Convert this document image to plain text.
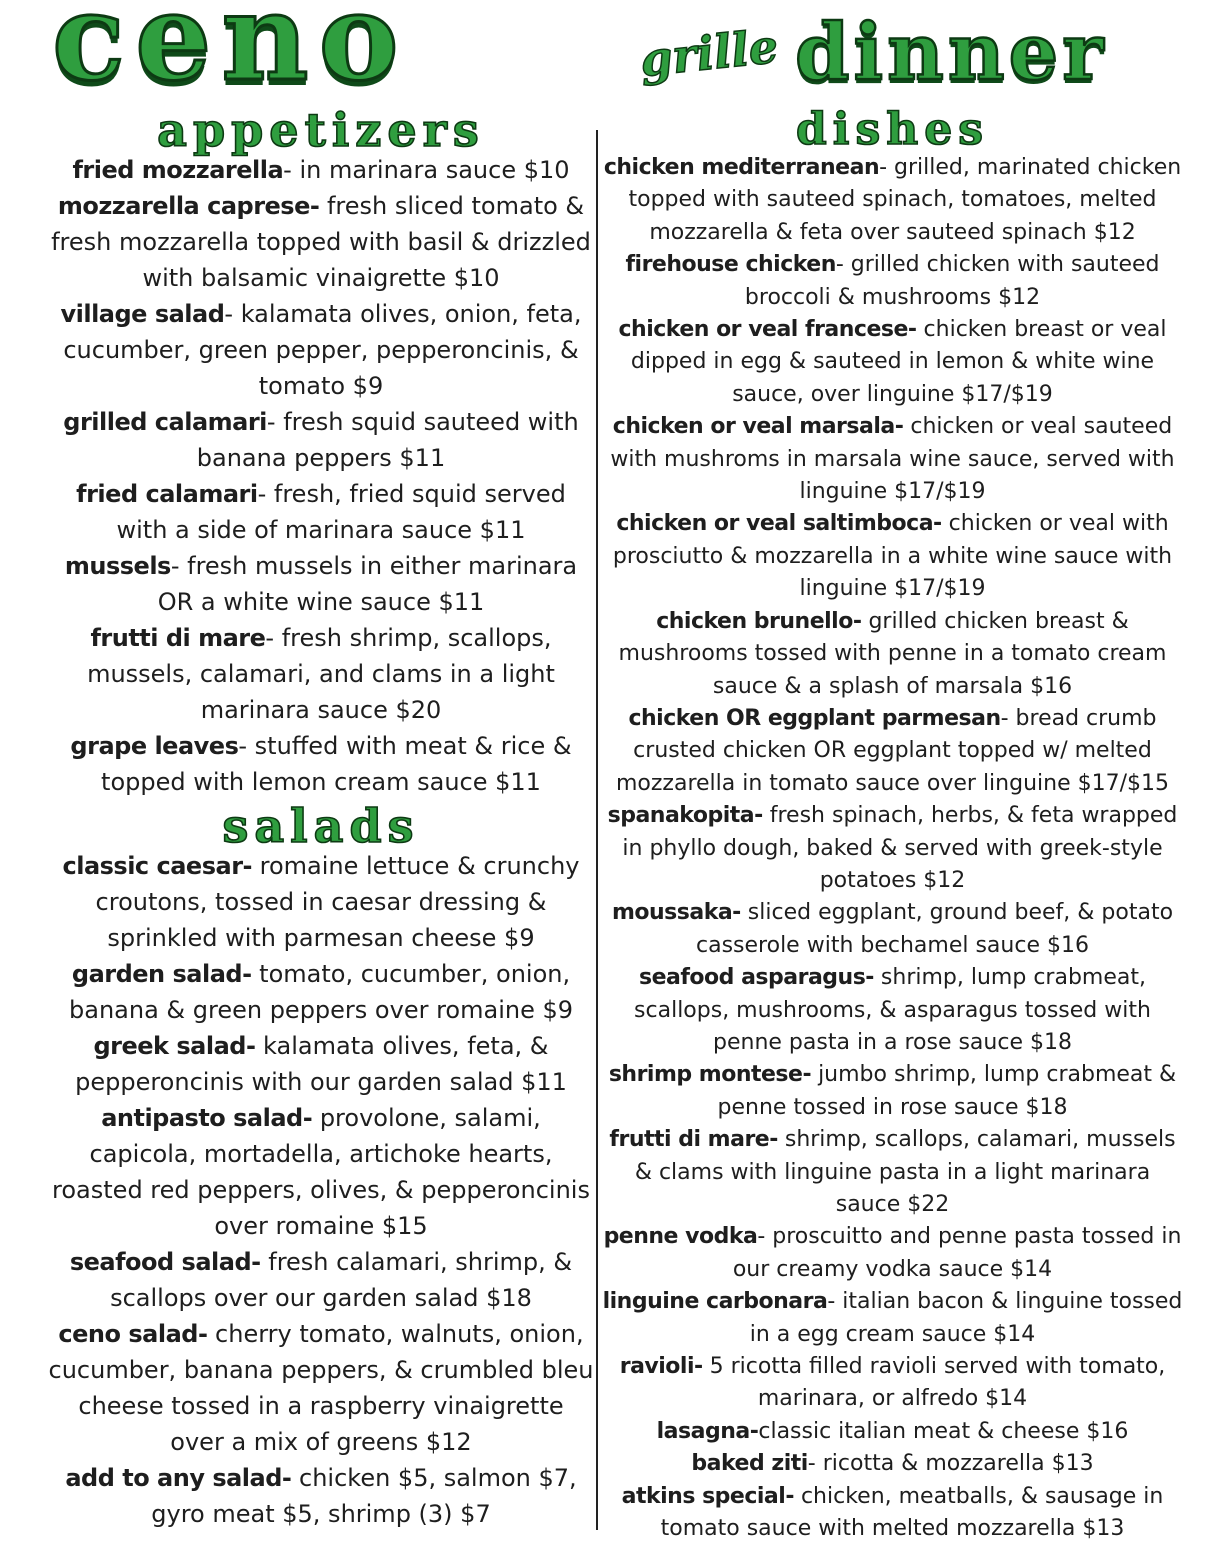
ceno	grille dinner
appetizers

fried mozzarella- in marinara sauce $10

mozzarella caprese- fresh sliced tomato & fresh mozzarella topped with basil & drizzled with balsamic vinaigrette $10

village salad- kalamata olives, onion, feta, cucumber, green pepper, pepperoncinis, & tomato $9

grilled calamari- fresh squid sauteed with banana peppers $11

fried calamari- fresh, fried squid served with a side of marinara sauce $11

mussels- fresh mussels in either marinara OR a white wine sauce $11

frutti di mare- fresh shrimp, scallops, mussels, calamari, and clams in a light marinara sauce $20

grape leaves- stuffed with meat & rice & topped with lemon cream sauce $11

salads

classic caesar- romaine lettuce & crunchy croutons, tossed in caesar dressing & sprinkled with parmesan cheese $9

garden salad- tomato, cucumber, onion, banana & green peppers over romaine $9

greek salad- kalamata olives, feta, & pepperoncinis with our garden salad $11

antipasto salad- provolone, salami, capicola, mortadella, artichoke hearts, roasted red peppers, olives, & pepperoncinis over romaine $15

seafood salad- fresh calamari, shrimp, & scallops over our garden salad $18

ceno salad- cherry tomato, walnuts, onion, cucumber, banana peppers, & crumbled bleu cheese tossed in a raspberry vinaigrette over a mix of greens $12

add to any salad- chicken $5, salmon $7, gyro meat $5, shrimp (3) $7

dishes

chicken mediterranean- grilled, marinated chicken topped with sauteed spinach, tomatoes, melted mozzarella & feta over sauteed spinach $12

firehouse chicken- grilled chicken with sauteed broccoli & mushrooms $12

chicken or veal francese- chicken breast or veal dipped in egg & sauteed in lemon & white wine sauce, over linguine $17/$19

chicken or veal marsala- chicken or veal sauteed with mushroms in marsala wine sauce, served with linguine $17/$19

chicken or veal saltimboca- chicken or veal with prosciutto & mozzarella in a white wine sauce with linguine $17/$19

chicken brunello- grilled chicken breast & mushrooms tossed with penne in a tomato cream sauce & a splash of marsala $16

chicken OR eggplant parmesan- bread crumb crusted chicken OR eggplant topped w/ melted mozzarella in tomato sauce over linguine $17/$15

spanakopita- fresh spinach, herbs, & feta wrapped in phyllo dough, baked & served with greek-style potatoes $12

moussaka- sliced eggplant, ground beef, & potato casserole with bechamel sauce $16

seafood asparagus- shrimp, lump crabmeat, scallops, mushrooms, & asparagus tossed with penne pasta in a rose sauce $18

shrimp montese- jumbo shrimp, lump crabmeat & penne tossed in rose sauce $18

frutti di mare- shrimp, scallops, calamari, mussels & clams with linguine pasta in a light marinara sauce $22

penne vodka- proscuitto and penne pasta tossed in our creamy vodka sauce $14

linguine carbonara- italian bacon & linguine tossed in a egg cream sauce $14

ravioli- 5 ricotta filled ravioli served with tomato, marinara, or alfredo $14

lasagna-classic italian meat & cheese $16

baked ziti- ricotta & mozzarella $13

atkins special- chicken, meatballs, & sausage in tomato sauce with melted mozzarella $13
